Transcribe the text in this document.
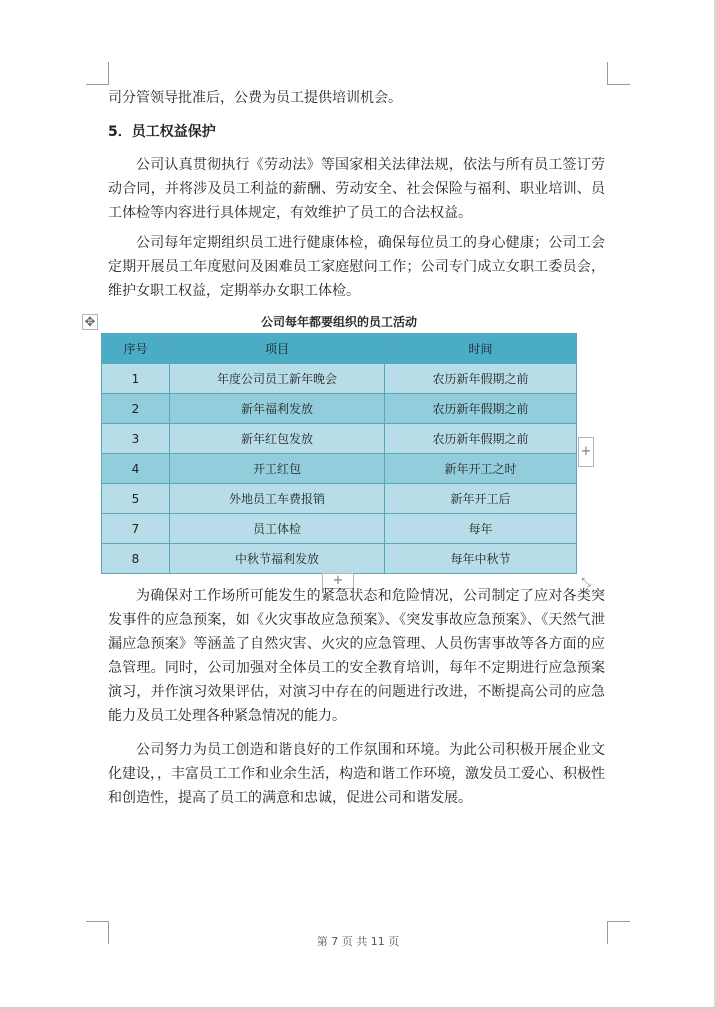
司分管领导批准后，公费为员工提供培训机会。

5．员工权益保护

公司认真贯彻执行《劳动法》等国家相关法律法规，依法与所有员工签订劳动合同，并将涉及员工利益的薪酬、劳动安全、社会保险与福利、职业培训、员工体检等内容进行具体规定，有效维护了员工的合法权益。

公司每年定期组织员工进行健康体检，确保每位员工的身心健康；公司工会定期开展员工年度慰问及困难员工家庭慰问工作；公司专门成立女职工委员会，维护女职工权益，定期举办女职工体检。

✥	公司每年都要组织的员工活动

序号	项目	时间
1	年度公司员工新年晚会	农历新年假期之前
2	新年福利发放	农历新年假期之前
3	新年红包发放	农历新年假期之前
4	开工红包	新年开工之时
5	外地员工车费报销	新年开工后
7	员工体检	每年
8	中秋节福利发放	每年中秋节
+
+	⤡

为确保对工作场所可能发生的紧急状态和危险情况，公司制定了应对各类突发事件的应急预案，如《火灾事故应急预案》、《突发事故应急预案》、《天然气泄漏应急预案》等涵盖了自然灾害、火灾的应急管理、人员伤害事故等各方面的应急管理。同时，公司加强对全体员工的安全教育培训，每年不定期进行应急预案演习，并作演习效果评估，对演习中存在的问题进行改进，不断提高公司的应急能力及员工处理各种紧急情况的能力。

公司努力为员工创造和谐良好的工作氛围和环境。为此公司积极开展企业文化建设，，丰富员工工作和业余生活，构造和谐工作环境，激发员工爱心、积极性和创造性，提高了员工的满意和忠诚，促进公司和谐发展。

第 7 页 共 11 页
